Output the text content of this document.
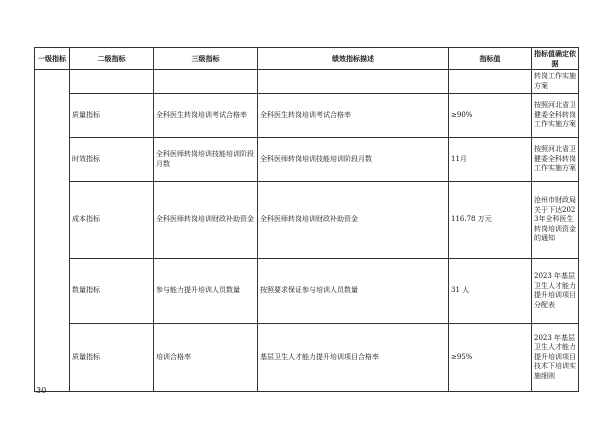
一级指标	二级指标	三级指标	绩效指标描述	指标值	指标值确定依据
					转岗工作实施方案
	质量指标	全科医生转岗培训考试合格率	全科医生转岗培训考试合格率	≥90%	按照河北省卫健委全科转岗工作实施方案
	时效指标	全科医师转岗培训技能培训阶段月数	全科医师转岗培训技能培训阶段月数	11月	按照河北省卫健委全科转岗工作实施方案
	成本指标	全科医师转岗培训财政补助资金	全科医师转岗培训财政补助资金	116.78 万元	沧州市财政局关于下达2023年全科医生转岗培训资金的通知
	数量指标	参与能力提升培训人员数量	按照要求保证参与培训人员数量	31 人	2023 年基层卫生人才能力提升培训项目分配表
	质量指标	培训合格率	基层卫生人才能力提升培训项目合格率	≥95%	2023 年基层卫生人才能力提升培训项目技术下培训实施细则
30
